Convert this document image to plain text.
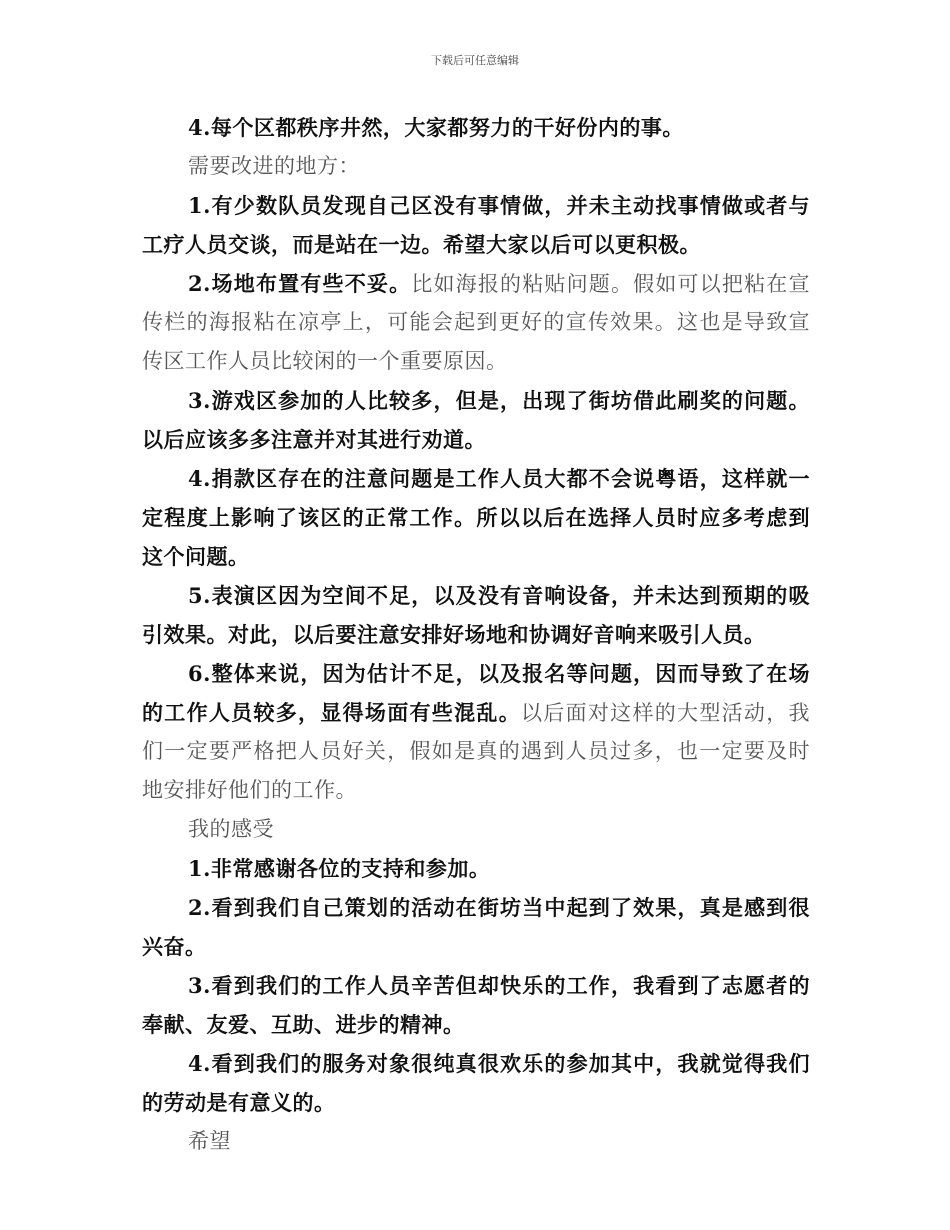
下载后可任意编辑
4.每个区都秩序井然，大家都努力的干好份内的事。
需要改进的地方：
1.有少数队员发现自己区没有事情做，并未主动找事情做或者与
工疗人员交谈，而是站在一边。希望大家以后可以更积极。
2.场地布置有些不妥。比如海报的粘贴问题。假如可以把粘在宣
传栏的海报粘在凉亭上，可能会起到更好的宣传效果。这也是导致宣
传区工作人员比较闲的一个重要原因。
3.游戏区参加的人比较多，但是，出现了街坊借此刷奖的问题。
以后应该多多注意并对其进行劝道。
4.捐款区存在的注意问题是工作人员大都不会说粤语，这样就一
定程度上影响了该区的正常工作。所以以后在选择人员时应多考虑到
这个问题。
5.表演区因为空间不足，以及没有音响设备，并未达到预期的吸
引效果。对此，以后要注意安排好场地和协调好音响来吸引人员。
6.整体来说，因为估计不足，以及报名等问题，因而导致了在场
的工作人员较多，显得场面有些混乱。以后面对这样的大型活动，我
们一定要严格把人员好关，假如是真的遇到人员过多，也一定要及时
地安排好他们的工作。
我的感受
1.非常感谢各位的支持和参加。
2.看到我们自己策划的活动在街坊当中起到了效果，真是感到很
兴奋。
3.看到我们的工作人员辛苦但却快乐的工作，我看到了志愿者的
奉献、友爱、互助、进步的精神。
4.看到我们的服务对象很纯真很欢乐的参加其中，我就觉得我们
的劳动是有意义的。
希望
